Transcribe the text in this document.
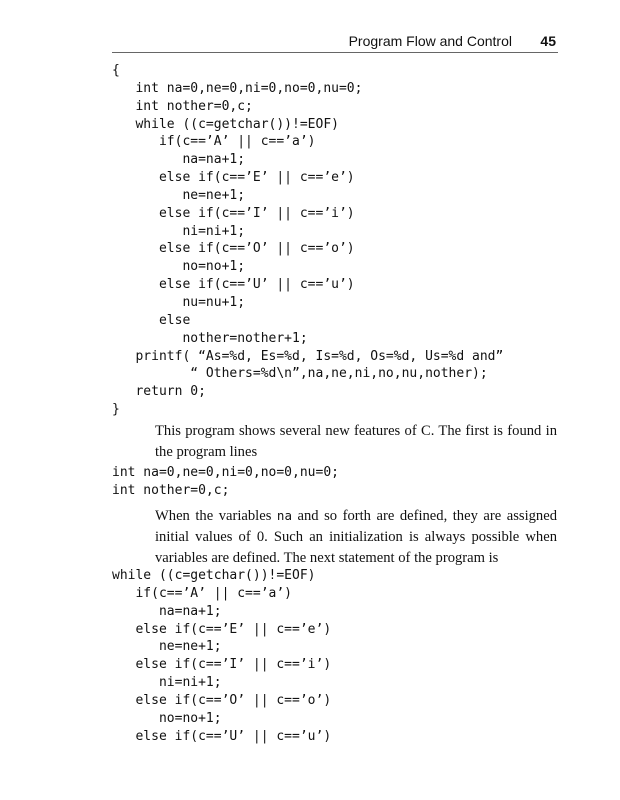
Program Flow and Control 45
{
int na=0,ne=0,ni=0,no=0,nu=0;
int nother=0,c;
while ((c=getchar())!=EOF)
if(c==’A’ || c==’a’)
na=na+1;
else if(c==’E’ || c==’e’)
ne=ne+1;
else if(c==’I’ || c==’i’)
ni=ni+1;
else if(c==’O’ || c==’o’)
no=no+1;
else if(c==’U’ || c==’u’)
nu=nu+1;
else
nother=nother+1;
printf( “As=%d, Es=%d, Is=%d, Os=%d, Us=%d and”
“ Others=%d\n”,na,ne,ni,no,nu,nother);
return 0;
}

This program shows several new features of C. The first is found in the program lines

int na=0,ne=0,ni=0,no=0,nu=0;
int nother=0,c;

When the variables na and so forth are defined, they are assigned initial values of 0. Such an initialization is always possible when variables are defined. The next statement of the program is

while ((c=getchar())!=EOF)
if(c==’A’ || c==’a’)
na=na+1;
else if(c==’E’ || c==’e’)
ne=ne+1;
else if(c==’I’ || c==’i’)
ni=ni+1;
else if(c==’O’ || c==’o’)
no=no+1;
else if(c==’U’ || c==’u’)
